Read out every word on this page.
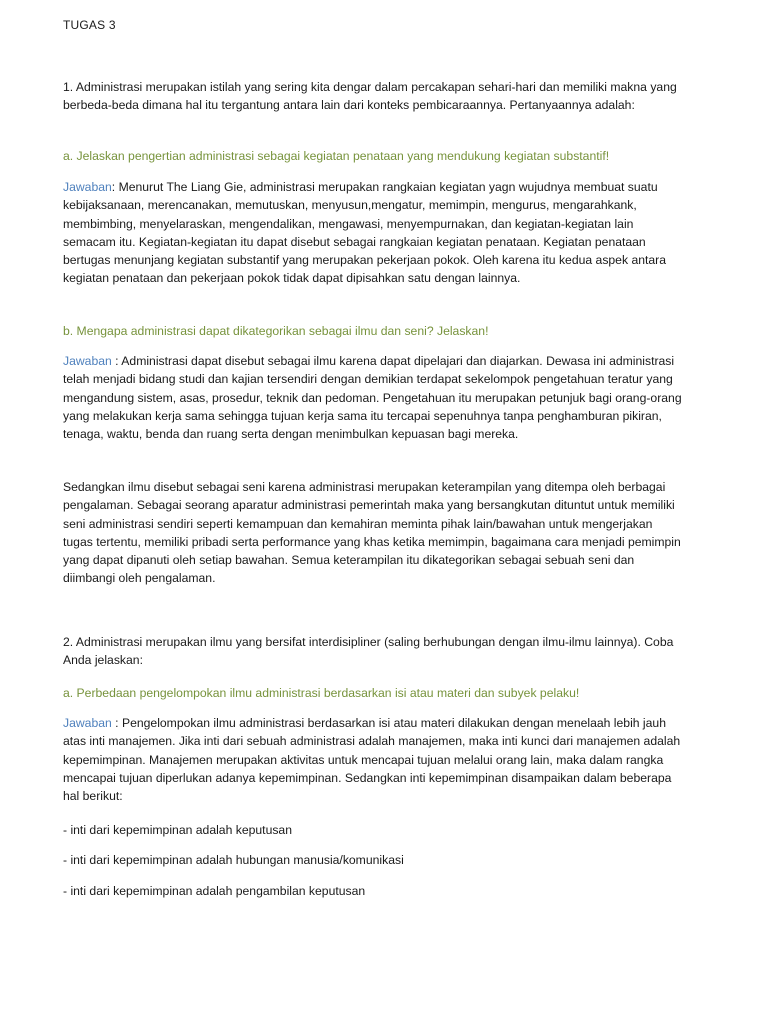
TUGAS 3

1. Administrasi merupakan istilah yang sering kita dengar dalam percakapan sehari-hari dan memiliki makna yang berbeda-beda dimana hal itu tergantung antara lain dari konteks pembicaraannya. Pertanyaannya adalah:

a. Jelaskan pengertian administrasi sebagai kegiatan penataan yang mendukung kegiatan substantif!

Jawaban: Menurut The Liang Gie, administrasi merupakan rangkaian kegiatan yagn wujudnya membuat suatu kebijaksanaan, merencanakan, memutuskan, menyusun,mengatur, memimpin, mengurus, mengarahkank, membimbing, menyelaraskan, mengendalikan, mengawasi, menyempurnakan, dan kegiatan-kegiatan lain semacam itu. Kegiatan-kegiatan itu dapat disebut sebagai rangkaian kegiatan penataan. Kegiatan penataan bertugas menunjang kegiatan substantif yang merupakan pekerjaan pokok. Oleh karena itu kedua aspek antara kegiatan penataan dan pekerjaan pokok tidak dapat dipisahkan satu dengan lainnya.

b. Mengapa administrasi dapat dikategorikan sebagai ilmu dan seni? Jelaskan!

Jawaban : Administrasi dapat disebut sebagai ilmu karena dapat dipelajari dan diajarkan. Dewasa ini administrasi telah menjadi bidang studi dan kajian tersendiri dengan demikian terdapat sekelompok pengetahuan teratur yang mengandung sistem, asas, prosedur, teknik dan pedoman. Pengetahuan itu merupakan petunjuk bagi orang-orang yang melakukan kerja sama sehingga tujuan kerja sama itu tercapai sepenuhnya tanpa penghamburan pikiran, tenaga, waktu, benda dan ruang serta dengan menimbulkan kepuasan bagi mereka.

Sedangkan ilmu disebut sebagai seni karena administrasi merupakan keterampilan yang ditempa oleh berbagai pengalaman. Sebagai seorang aparatur administrasi pemerintah maka yang bersangkutan dituntut untuk memiliki seni administrasi sendiri seperti kemampuan dan kemahiran meminta pihak lain/bawahan untuk mengerjakan tugas tertentu, memiliki pribadi serta performance yang khas ketika memimpin, bagaimana cara menjadi pemimpin yang dapat dipanuti oleh setiap bawahan. Semua keterampilan itu dikategorikan sebagai sebuah seni dan diimbangi oleh pengalaman.

2. Administrasi merupakan ilmu yang bersifat interdisipliner (saling berhubungan dengan ilmu-ilmu lainnya). Coba Anda jelaskan:

a. Perbedaan pengelompokan ilmu administrasi berdasarkan isi atau materi dan subyek pelaku!

Jawaban : Pengelompokan ilmu administrasi berdasarkan isi atau materi dilakukan dengan menelaah lebih jauh atas inti manajemen. Jika inti dari sebuah administrasi adalah manajemen, maka inti kunci dari manajemen adalah kepemimpinan. Manajemen merupakan aktivitas untuk mencapai tujuan melalui orang lain, maka dalam rangka mencapai tujuan diperlukan adanya kepemimpinan. Sedangkan inti kepemimpinan disampaikan dalam beberapa hal berikut:

- inti dari kepemimpinan adalah keputusan

- inti dari kepemimpinan adalah hubungan manusia/komunikasi

- inti dari kepemimpinan adalah pengambilan keputusan
